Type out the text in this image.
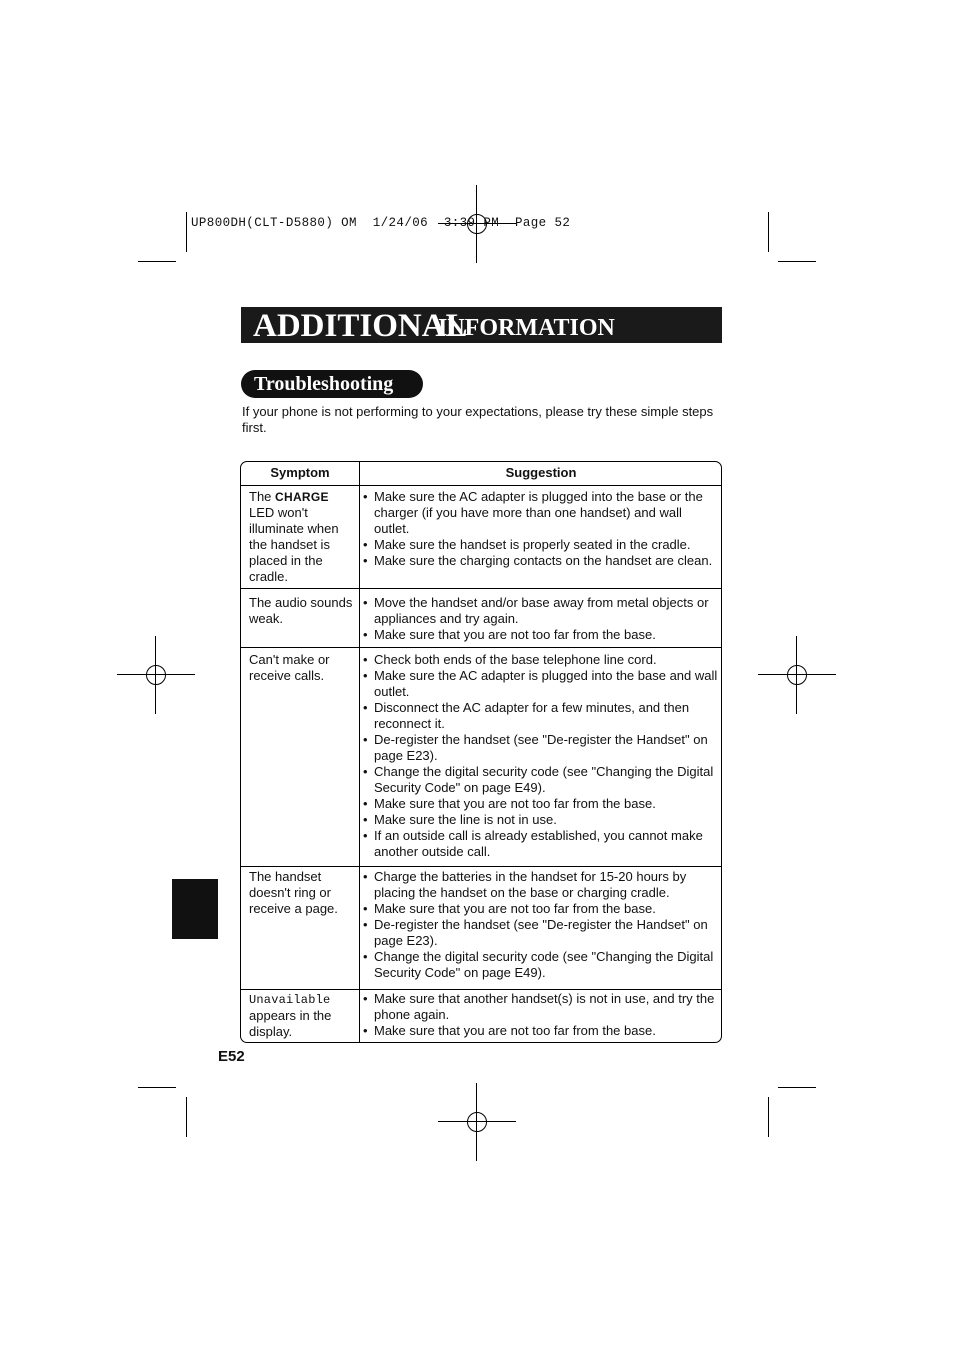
UP800DH(CLT-D5880) OM  1/24/06  3:39 PM  Page 52
ADDITIONAL
INFORMATION
Troubleshooting
If your phone is not performing to your expectations, please try these simple steps first.
Symptom	Suggestion
The CHARGE LED won't illuminate when the handset is placed in the cradle.
• Make sure the AC adapter is plugged into the base or the charger (if you have more than one handset) and wall outlet.
• Make sure the handset is properly seated in the cradle.
• Make sure the charging contacts on the handset are clean.
The audio sounds weak.
• Move the handset and/or base away from metal objects or appliances and try again.
• Make sure that you are not too far from the base.
Can't make or receive calls.
• Check both ends of the base telephone line cord.
• Make sure the AC adapter is plugged into the base and wall outlet.
• Disconnect the AC adapter for a few minutes, and then reconnect it.
• De-register the handset (see "De-register the Handset" on page E23).
• Change the digital security code (see "Changing the Digital Security Code" on page E49).
• Make sure that you are not too far from the base.
• Make sure the line is not in use.
• If an outside call is already established, you cannot make another outside call.
The handset doesn't ring or receive a page.
• Charge the batteries in the handset for 15-20 hours by placing the handset on the base or charging cradle.
• Make sure that you are not too far from the base.
• De-register the handset (see "De-register the Handset" on page E23).
• Change the digital security code (see "Changing the Digital Security Code" on page E49).
Unavailable
appears in the display.
• Make sure that another handset(s) is not in use, and try the phone again.
• Make sure that you are not too far from the base.
E52
